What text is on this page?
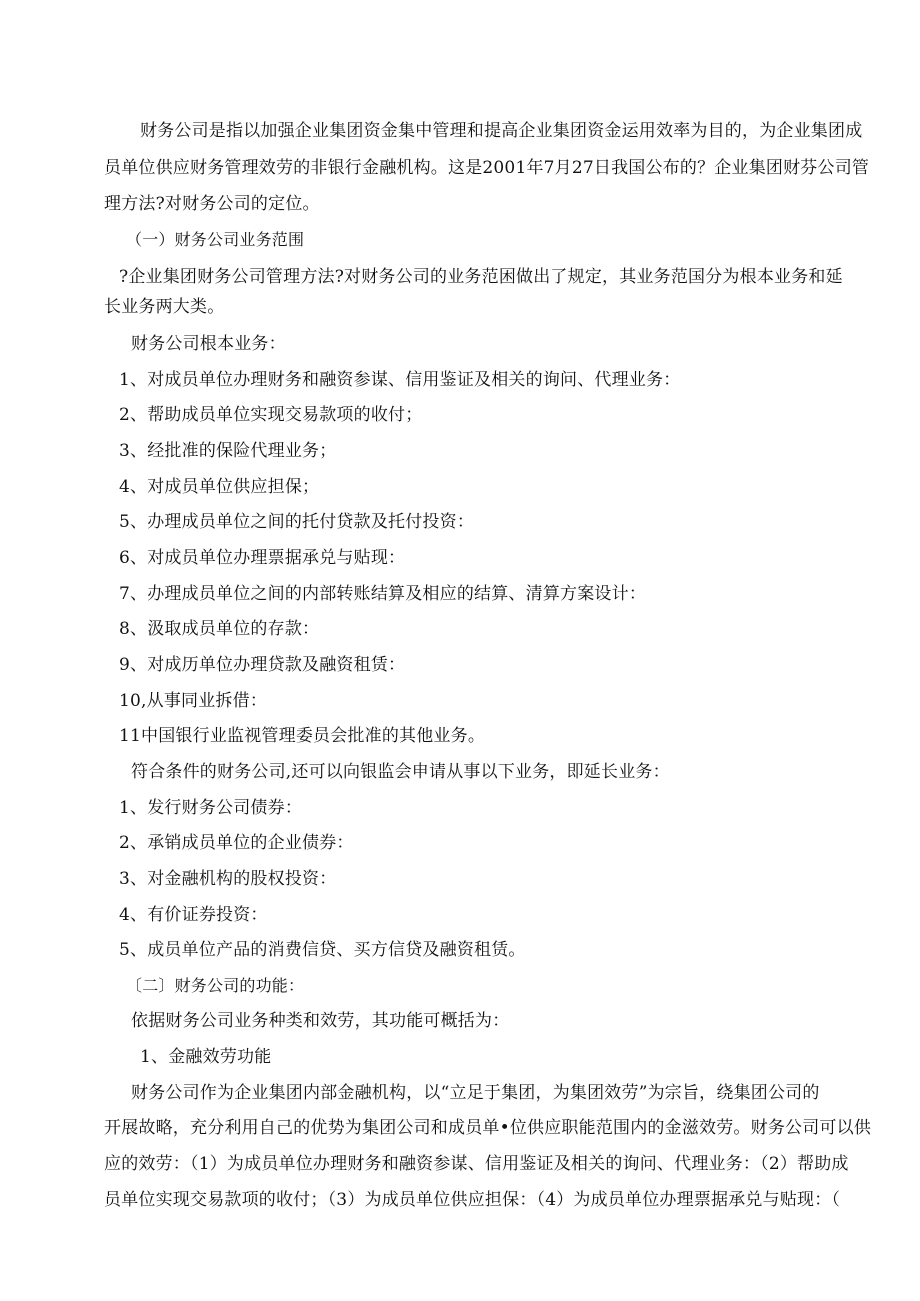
财务公司是指以加强企业集团资金集中管理和提高企业集团资金运用效率为目的，为企业集团成
员单位供应财务管理效劳的非银行金融机构。这是2001年7月27日我国公布的？企业集团财芬公司管
理方法?对财务公司的定位。
（一）财务公司业务范围
?企业集团财务公司管理方法?对财务公司的业务范困做出了规定，其业务范国分为根本业务和延
长业务两大类。
财务公司根本业务：
1、对成员单位办理财务和融资参谋、信用鉴证及相关的询问、代理业务：
2、帮助成员单位实现交易款项的收付；
3、经批准的保险代理业务；
4、对成员单位供应担保；
5、办理成员单位之间的托付贷款及托付投资：
6、对成员单位办理票据承兑与贴现：
7、办理成员单位之间的内部转账结算及相应的结算、清算方案设计：
8、汲取成员单位的存款：
9、对成历单位办理贷款及融资租赁：
10,从事同业拆借：
11中国银行业监视管理委员会批准的其他业务。
符合条件的财务公司,还可以向银监会申请从事以下业务，即延长业务：
1、发行财务公司债券：
2、承销成员单位的企业债券：
3、对金融机构的股权投资：
4、有价证券投资：
5、成员单位产品的消费信贷、买方信贷及融资租赁。
〔二〕财务公司的功能：
依据财务公司业务种类和效劳，其功能可概括为：
1、金融效劳功能
财务公司作为企业集团内部金融机构，以“立足于集团，为集团效劳”为宗旨，绕集团公司的
开展故略，充分利用自己的优势为集团公司和成员单•位供应职能范围内的金滋效劳。财务公司可以供
应的效劳：（1）为成员单位办理财务和融资参谋、信用鉴证及相关的询问、代理业务：（2）帮助成
员单位实现交易款项的收付；（3）为成员单位供应担保：（4）为成员单位办理票据承兑与贴现：（
